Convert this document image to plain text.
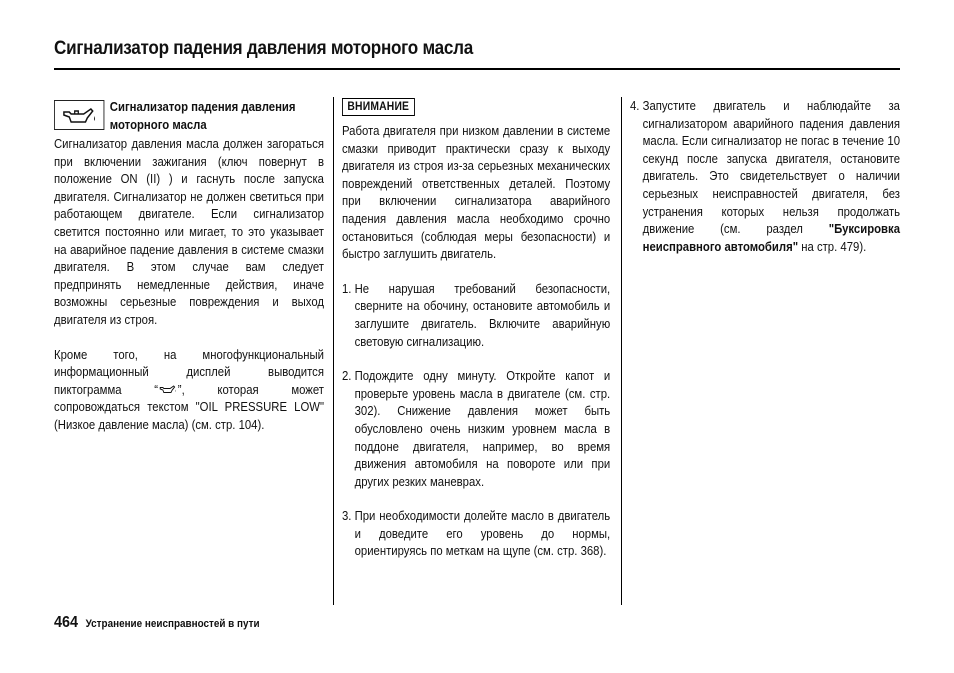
Сигнализатор падения давления моторного масла
Сигнализатор падения давления
моторного масла

Сигнализатор давления масла должен загораться при включении зажигания (ключ повернут в положение ON (II) ) и гаснуть после запуска двигателя. Сигнализатор не должен светиться при работающем двигателе. Если сигнализатор светится постоянно или мигает, то это указывает на аварийное падение давления в системе смазки двигателя. В этом случае вам следует предпринять немедленные действия, иначе возможны серьезные повреждения и выход двигателя из строя.

Кроме того, на многофункциональный информационный дисплей выводится пиктограмма “ ”, которая может сопровождаться текстом "OIL PRESSURE LOW" (Низкое давление масла) (см. стр. 104).

ВНИМАНИЕ

Работа двигателя при низком давлении в системе смазки приводит практически сразу к выходу двигателя из строя из-за серьезных механических повреждений ответственных деталей. Поэтому при включении сигнализатора аварийного падения давления масла необходимо срочно остановиться (соблюдая меры безопасности) и быстро заглушить двигатель.

1. Не нарушая требований безопасности, сверните на обочину, остановите автомобиль и заглушите двигатель. Включите аварийную световую сигнализацию.

2. Подождите одну минуту. Откройте капот и проверьте уровень масла в двигателе (см. стр. 302). Снижение давления может быть обусловлено очень низким уровнем масла в поддоне двигателя, например, во время движения автомобиля на повороте или при других резких маневрах.

3. При необходимости долейте масло в двигатель и доведите его уровень до нормы, ориентируясь по меткам на щупе (см. стр. 368).

4. Запустите двигатель и наблюдайте за сигнализатором аварийного падения давления масла. Если сигнализатор не погас в течение 10 секунд после запуска двигателя, остановите двигатель. Это свидетельствует о наличии серьезных неисправностей двигателя, без устранения которых нельзя продолжать движение (см. раздел "Буксировка неисправного автомобиля" на стр. 479).

464 Устранение неисправностей в пути
